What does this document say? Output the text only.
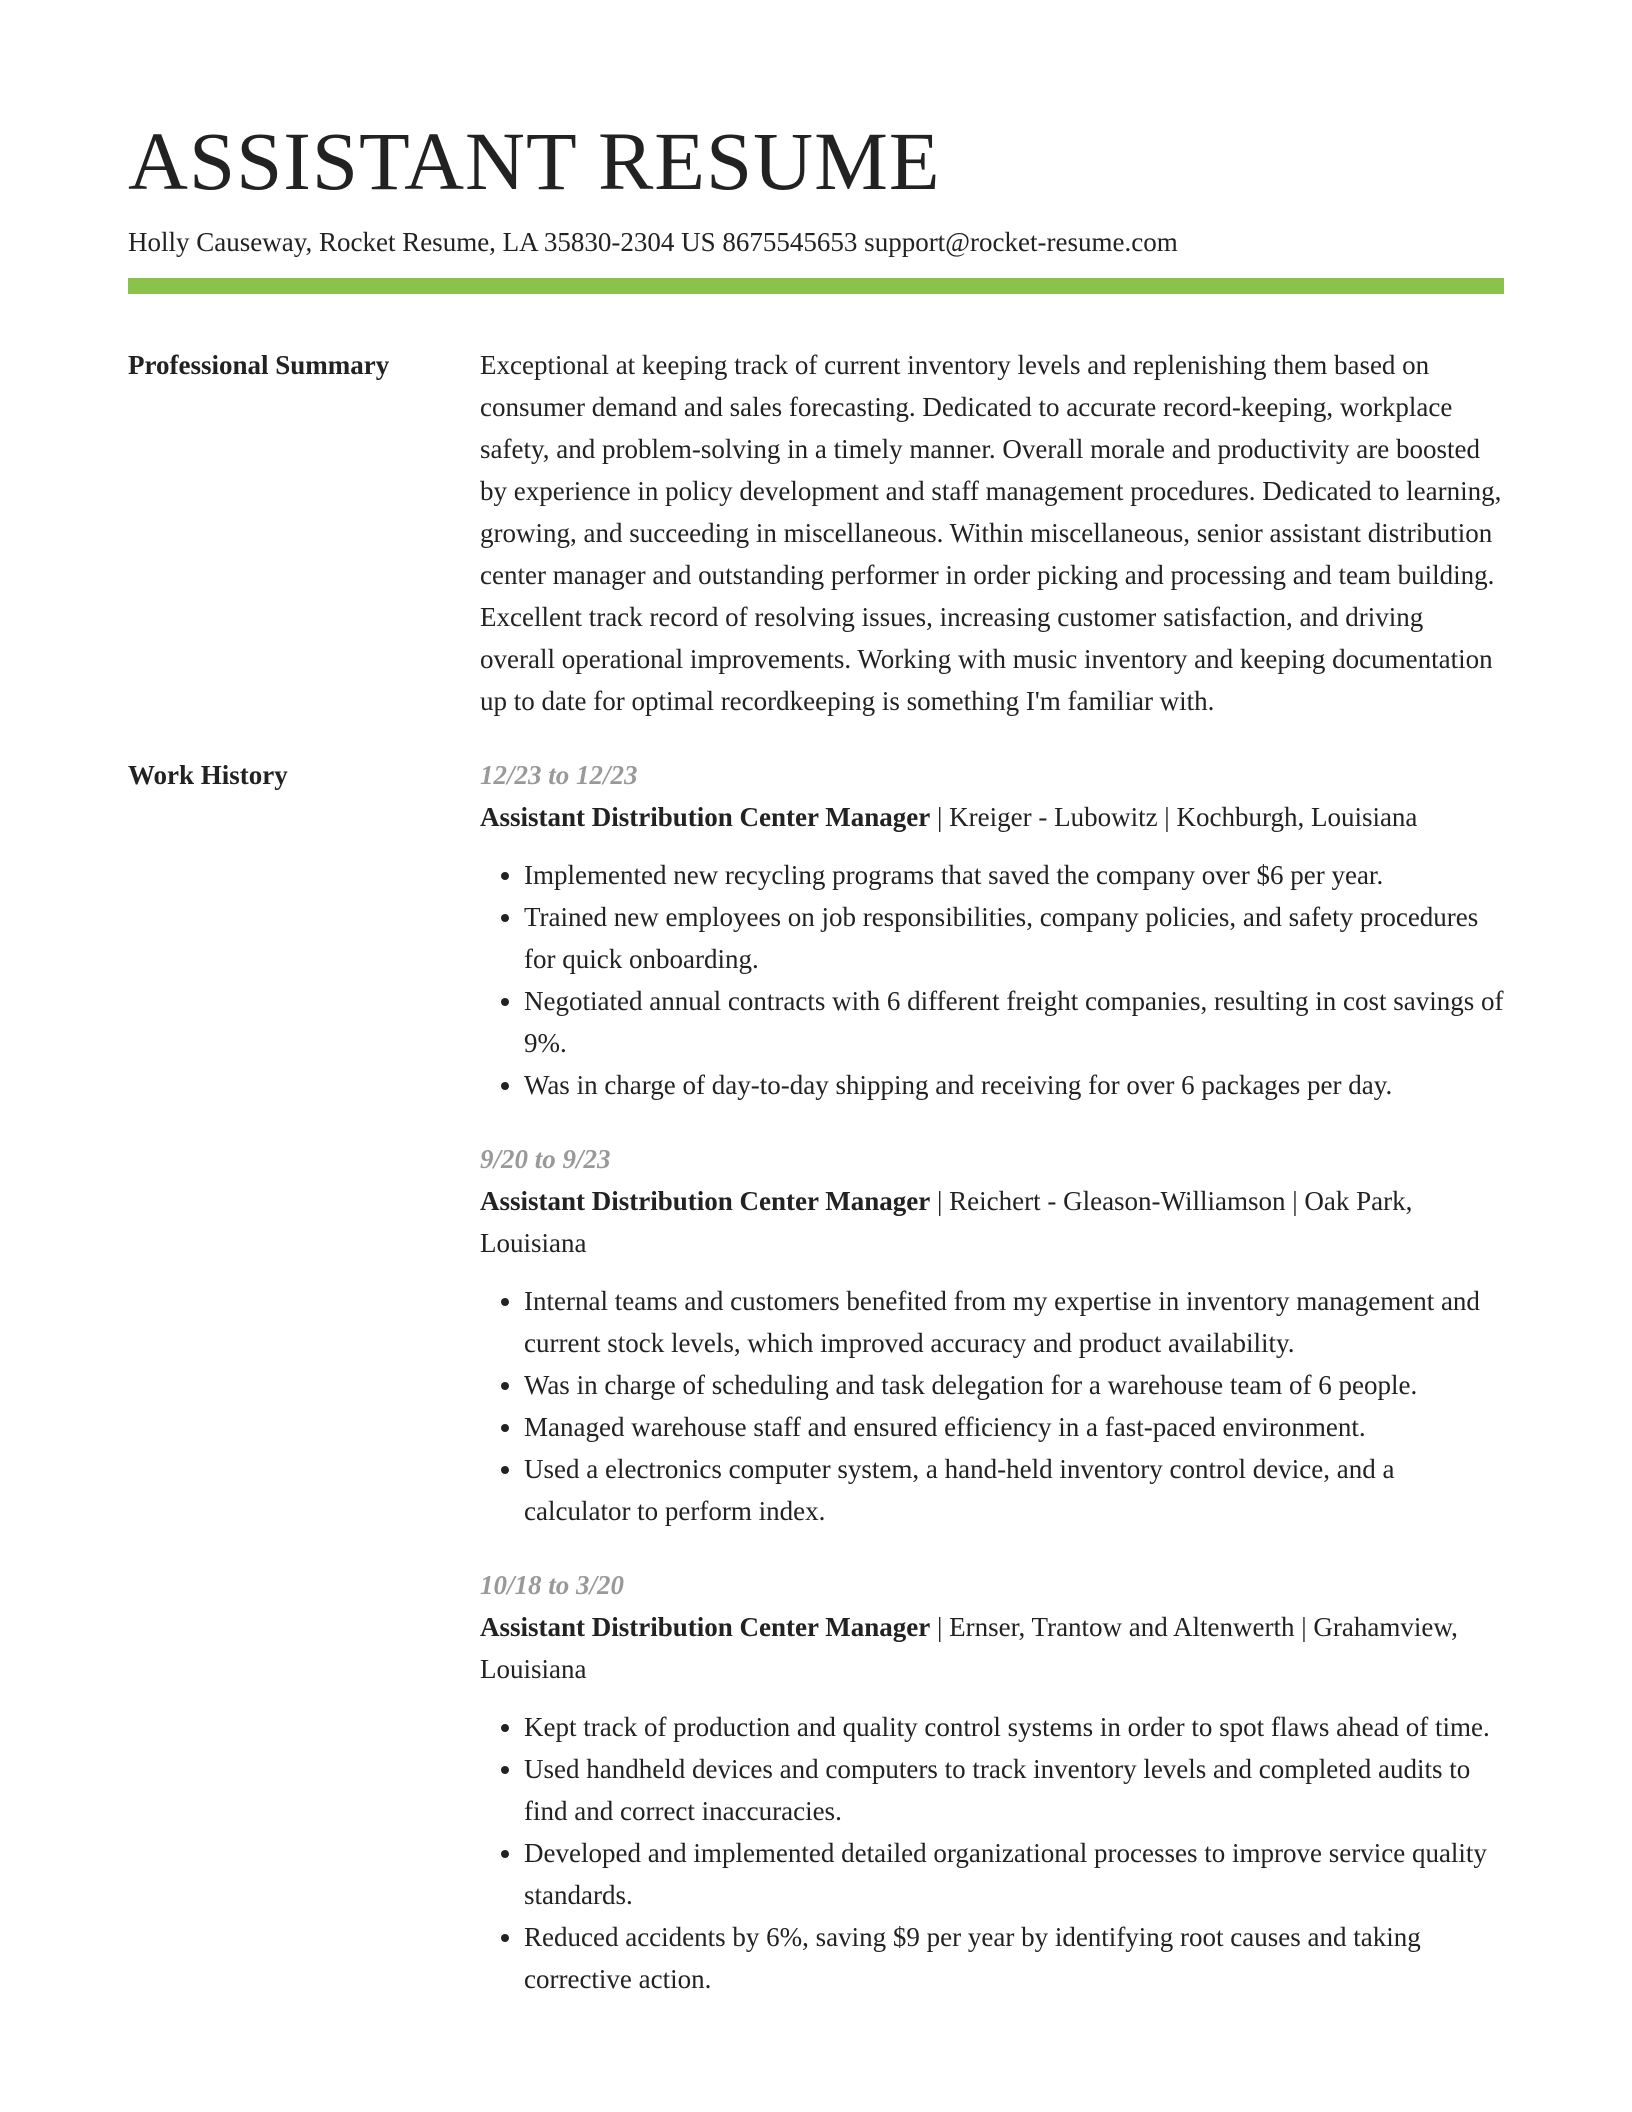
ASSISTANT RESUME
Holly Causeway, Rocket Resume, LA 35830-2304 US 8675545653 support@rocket-resume.com
Professional Summary	Exceptional at keeping track of current inventory levels and replenishing them based on consumer demand and sales forecasting. Dedicated to accurate record-keeping, workplace safety, and problem-solving in a timely manner. Overall morale and productivity are boosted by experience in policy development and staff management procedures. Dedicated to learning, growing, and succeeding in miscellaneous. Within miscellaneous, senior assistant distribution center manager and outstanding performer in order picking and processing and team building. Excellent track record of resolving issues, increasing customer satisfaction, and driving overall operational improvements. Working with music inventory and keeping documentation up to date for optimal recordkeeping is something I'm familiar with.

Work History	12/23 to 12/23
Assistant Distribution Center Manager | Kreiger - Lubowitz | Kochburgh, Louisiana
• Implemented new recycling programs that saved the company over $6 per year.
• Trained new employees on job responsibilities, company policies, and safety procedures for quick onboarding.
• Negotiated annual contracts with 6 different freight companies, resulting in cost savings of 9%.
• Was in charge of day-to-day shipping and receiving for over 6 packages per day.
9/20 to 9/23
Assistant Distribution Center Manager | Reichert - Gleason-Williamson | Oak Park, Louisiana
• Internal teams and customers benefited from my expertise in inventory management and current stock levels, which improved accuracy and product availability.
• Was in charge of scheduling and task delegation for a warehouse team of 6 people.
• Managed warehouse staff and ensured efficiency in a fast-paced environment.
• Used a electronics computer system, a hand-held inventory control device, and a calculator to perform index.
10/18 to 3/20
Assistant Distribution Center Manager | Ernser, Trantow and Altenwerth | Grahamview, Louisiana
• Kept track of production and quality control systems in order to spot flaws ahead of time.
• Used handheld devices and computers to track inventory levels and completed audits to find and correct inaccuracies.
• Developed and implemented detailed organizational processes to improve service quality standards.
• Reduced accidents by 6%, saving $9 per year by identifying root causes and taking corrective action.
